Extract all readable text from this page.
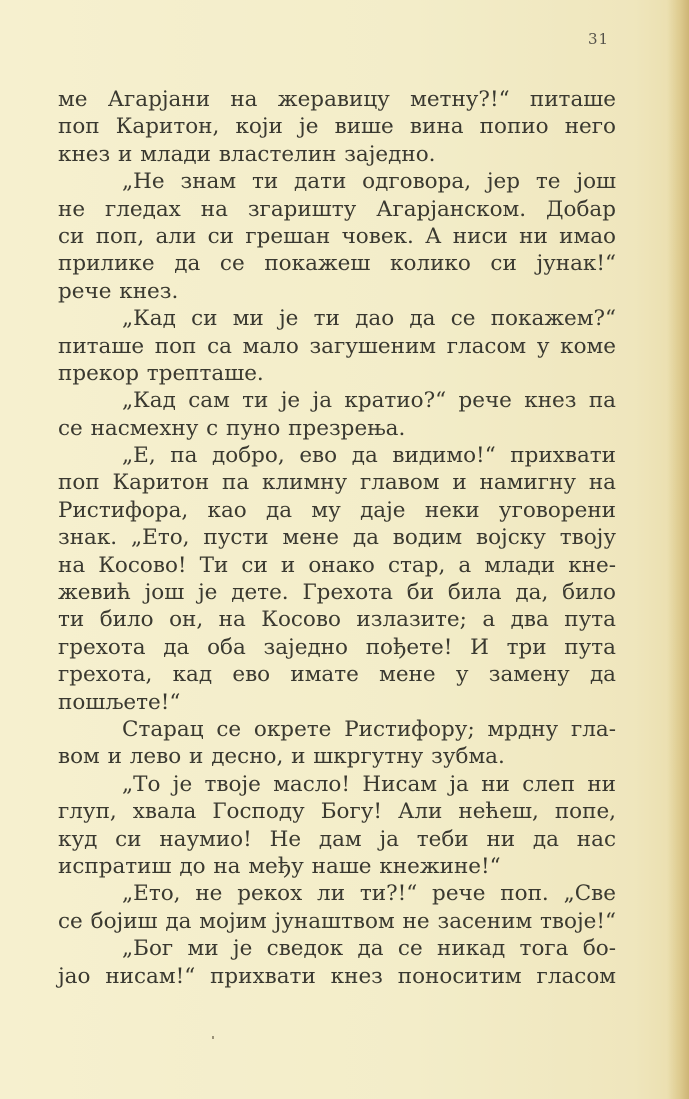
31
ме Агарјани на жеравицу метну?!“ питаше
поп Каритон, који је више вина попио него
кнез и млади властелин заједно.
„Не знам ти дати одговора, јер те још
не гледах на згаришту Агарјанском. Добар
си поп, али си грешан човек. А ниси ни имао
прилике да се покажеш колико си јунак!“
рече кнез.
„Кад си ми је ти дао да се покажем?“
питаше поп са мало загушеним гласом у коме
прекор трепташе.
„Кад сам ти је ја кратио?“ рече кнез па
се насмехну с пуно презрења.
„Е, па добро, ево да видимо!“ прихвати
поп Каритон па климну главом и намигну на
Ристифора, као да му даје неки уговорени
знак. „Ето, пусти мене да водим војску твоју
на Косово! Ти си и онако стар, а млади кне-
жевић још је дете. Грехота би била да, било
ти било он, на Косово излазите; а два пута
грехота да оба заједно пођете! И три пута
грехота, кад ево имате мене у замену да
пошљете!“
Старац се окрете Ристифору; мрдну гла-
вом и лево и десно, и шкргутну зубма.
„То је твоје масло! Нисам ја ни слеп ни
глуп, хвала Господу Богу! Али нећеш, попе,
куд си наумио! Не дам ја теби ни да нас
испратиш до на међу наше кнежине!“
„Ето, не рекох ли ти?!“ рече поп. „Све
се бојиш да мојим јунаштвом не засеним твоје!“
„Бог ми је сведок да се никад тога бо-
јао нисам!“ прихвати кнез поноситим гласом
